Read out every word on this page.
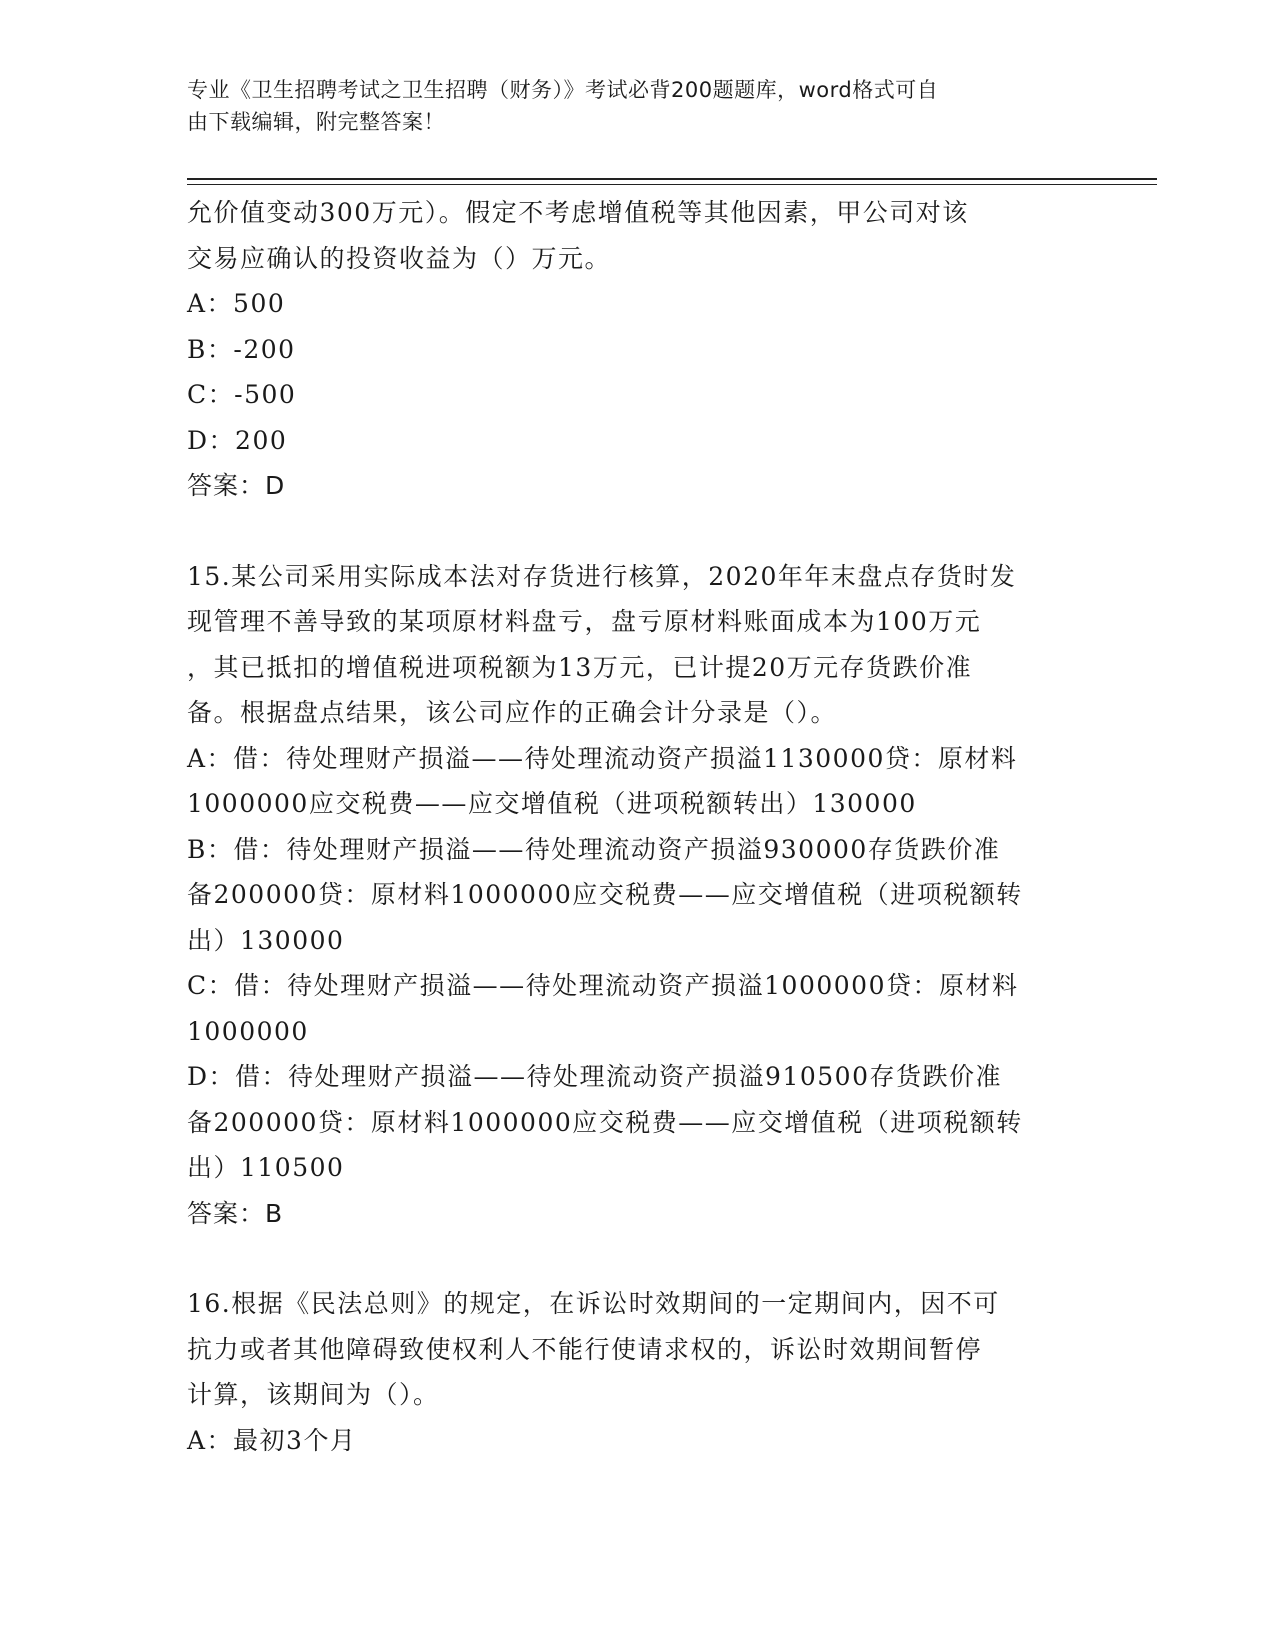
专业《卫生招聘考试之卫生招聘（财务）》考试必背200题题库，word格式可自
由下载编辑，附完整答案！

允价值变动300万元）。假定不考虑增值税等其他因素，甲公司对该

交易应确认的投资收益为（）万元。

A：500

B：-200

C：-500

D：200

答案：D

15.某公司采用实际成本法对存货进行核算，2020年年末盘点存货时发

现管理不善导致的某项原材料盘亏，盘亏原材料账面成本为100万元

，其已抵扣的增值税进项税额为13万元，已计提20万元存货跌价准

备。根据盘点结果，该公司应作的正确会计分录是（）。

A：借：待处理财产损溢——待处理流动资产损溢1130000贷：原材料

1000000应交税费——应交增值税（进项税额转出）130000

B：借：待处理财产损溢——待处理流动资产损溢930000存货跌价准

备200000贷：原材料1000000应交税费——应交增值税（进项税额转

出）130000

C：借：待处理财产损溢——待处理流动资产损溢1000000贷：原材料

1000000

D：借：待处理财产损溢——待处理流动资产损溢910500存货跌价准

备200000贷：原材料1000000应交税费——应交增值税（进项税额转

出）110500

答案：B

16.根据《民法总则》的规定，在诉讼时效期间的一定期间内，因不可

抗力或者其他障碍致使权利人不能行使请求权的，诉讼时效期间暂停

计算，该期间为（）。

A：最初3个月
